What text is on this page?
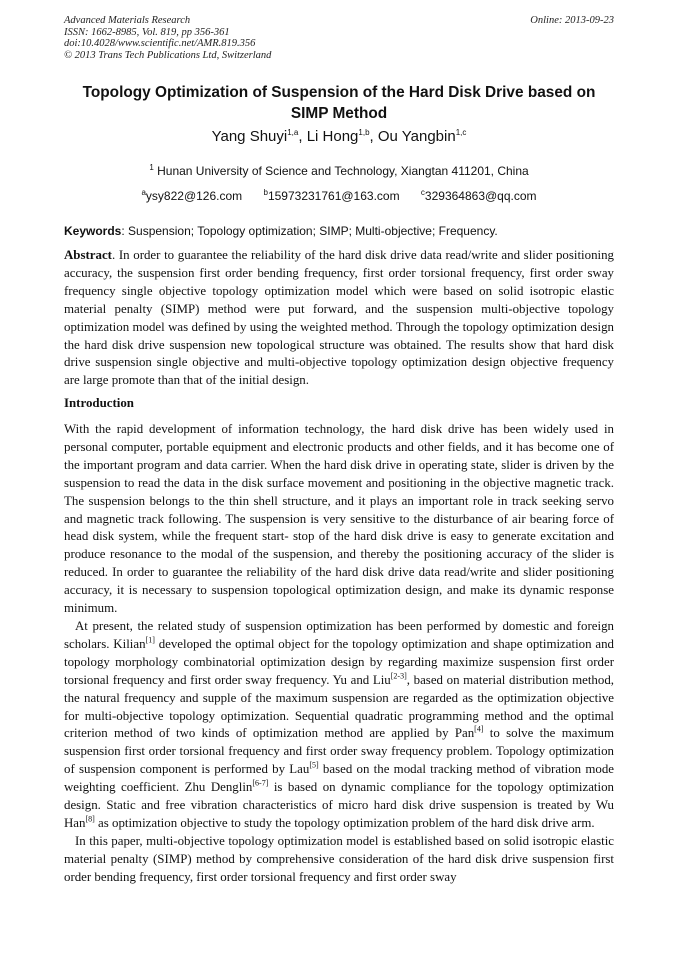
Advanced Materials Research
ISSN: 1662-8985, Vol. 819, pp 356-361
doi:10.4028/www.scientific.net/AMR.819.356
© 2013 Trans Tech Publications Ltd, Switzerland
Online: 2013-09-23
Topology Optimization of Suspension of the Hard Disk Drive based on SIMP Method
Yang Shuyi$^{1,a}$, Li Hong$^{1,b}$, Ou Yangbin$^{1,c}$
$^1$ Hunan University of Science and Technology, Xiangtan 411201, China
$^a$ysy822@126.com	$^b$15973231761@163.com	$^c$329364863@qq.com
Keywords: Suspension; Topology optimization; SIMP; Multi-objective; Frequency.
Abstract. In order to guarantee the reliability of the hard disk drive data read/write and slider positioning accuracy, the suspension first order bending frequency, first order torsional frequency, first order sway frequency single objective topology optimization model which were based on solid isotropic elastic material penalty (SIMP) method were put forward, and the suspension multi-objective topology optimization model was defined by using the weighted method. Through the topology optimization design the hard disk drive suspension new topological structure was obtained. The results show that hard disk drive suspension single objective and multi-objective topology optimization design objective frequency are large promote than that of the initial design.
Introduction

With the rapid development of information technology, the hard disk drive has been widely used in personal computer, portable equipment and electronic products and other fields, and it has become one of the important program and data carrier. When the hard disk drive in operating state, slider is driven by the suspension to read the data in the disk surface movement and positioning in the objective magnetic track. The suspension belongs to the thin shell structure, and it plays an important role in track seeking servo and magnetic track following. The suspension is very sensitive to the disturbance of air bearing force of head disk system, while the frequent start- stop of the hard disk drive is easy to generate excitation and produce resonance to the modal of the suspension, and thereby the positioning accuracy of the slider is reduced. In order to guarantee the reliability of the hard disk drive data read/write and slider positioning accuracy, it is necessary to suspension topological optimization design, and make its dynamic response minimum.

At present, the related study of suspension optimization has been performed by domestic and foreign scholars. Kilian[1] developed the optimal object for the topology optimization and shape optimization and topology morphology combinatorial optimization design by regarding maximize suspension first order torsional frequency and first order sway frequency. Yu and Liu[2-3], based on material distribution method, the natural frequency and supple of the maximum suspension are regarded as the optimization objective for multi-objective topology optimization. Sequential quadratic programming method and the optimal criterion method of two kinds of optimization method are applied by Pan[4] to solve the maximum suspension first order torsional frequency and first order sway frequency problem. Topology optimization of suspension component is performed by Lau[5] based on the modal tracking method of vibration mode weighting coefficient. Zhu Denglin[6-7] is based on dynamic compliance for the topology optimization design. Static and free vibration characteristics of micro hard disk drive suspension is treated by Wu Han[8] as optimization objective to study the topology optimization problem of the hard disk drive arm.

In this paper, multi-objective topology optimization model is established based on solid isotropic elastic material penalty (SIMP) method by comprehensive consideration of the hard disk drive suspension first order bending frequency, first order torsional frequency and first order sway
